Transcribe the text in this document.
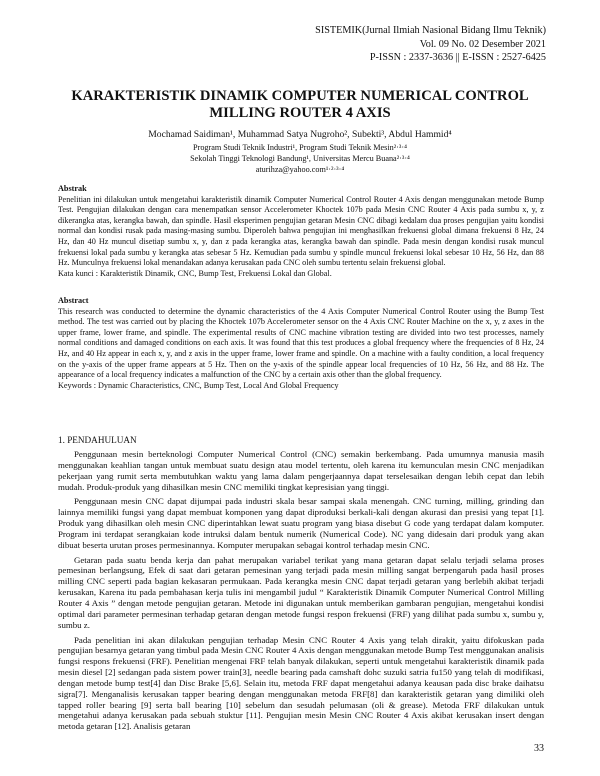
SISTEMIK(Jurnal Ilmiah Nasional Bidang Ilmu Teknik)
Vol. 09 No. 02 Desember 2021
P-ISSN : 2337-3636 || E-ISSN : 2527-6425
KARAKTERISTIK DINAMIK COMPUTER NUMERICAL CONTROL
MILLING ROUTER 4 AXIS
Mochamad Saidiman¹, Muhammad Satya Nugroho², Subekti³, Abdul Hammid⁴
Program Studi Teknik Industri¹, Program Studi Teknik Mesin²·³·⁴
Sekolah Tinggi Teknologi Bandung¹, Universitas Mercu Buana²·³·⁴
aturihza@yahoo.com¹·²·³·⁴
Abstrak
Penelitian ini dilakukan untuk mengetahui karakteristik dinamik Computer Numerical Control Router 4 Axis dengan menggunakan metode Bump Test. Pengujian dilakukan dengan cara menempatkan sensor Accelerometer Khoctek 107b pada Mesin CNC Router 4 Axis pada sumbu x, y, z dikerangka atas, kerangka bawah, dan spindle. Hasil eksperimen pengujian getaran Mesin CNC dibagi kedalam dua proses pengujian yaitu kondisi normal dan kondisi rusak pada masing-masing sumbu. Diperoleh bahwa pengujian ini menghasilkan frekuensi global dimana frekuensi 8 Hz, 24 Hz, dan 40 Hz muncul disetiap sumbu x, y, dan z pada kerangka atas, kerangka bawah dan spindle. Pada mesin dengan kondisi rusak muncul frekuensi lokal pada sumbu y kerangka atas sebesar 5 Hz. Kemudian pada sumbu y spindle muncul frekuensi lokal sebesar 10 Hz, 56 Hz, dan 88 Hz. Munculnya frekuensi lokal menandakan adanya kerusakan pada CNC oleh sumbu tertentu selain frekuensi global.
Kata kunci : Karakteristik Dinamik, CNC, Bump Test, Frekuensi Lokal dan Global.
Abstract
This research was conducted to determine the dynamic characteristics of the 4 Axis Computer Numerical Control Router using the Bump Test method. The test was carried out by placing the Khoctek 107b Accelerometer sensor on the 4 Axis CNC Router Machine on the x, y, z axes in the upper frame, lower frame, and spindle. The experimental results of CNC machine vibration testing are divided into two test processes, namely normal conditions and damaged conditions on each axis. It was found that this test produces a global frequency where the frequencies of 8 Hz, 24 Hz, and 40 Hz appear in each x, y, and z axis in the upper frame, lower frame and spindle. On a machine with a faulty condition, a local frequency on the y-axis of the upper frame appears at 5 Hz. Then on the y-axis of the spindle appear local frequencies of 10 Hz, 56 Hz, and 88 Hz. The appearance of a local frequency indicates a malfunction of the CNC by a certain axis other than the global frequency.
Keywords : Dynamic Characteristics, CNC, Bump Test, Local And Global Frequency
1. PENDAHULUAN

Penggunaan mesin berteknologi Computer Numerical Control (CNC) semakin berkembang. Pada umumnya manusia masih menggunakan keahlian tangan untuk membuat suatu design atau model tertentu, oleh karena itu kemunculan mesin CNC menjadikan pekerjaan yang rumit serta membutuhkan waktu yang lama dalam pengerjaannya dapat terselesaikan dengan lebih cepat dan lebih mudah. Produk-produk yang dihasilkan mesin CNC memiliki tingkat kepresisian yang tinggi.

Penggunaan mesin CNC dapat dijumpai pada industri skala besar sampai skala menengah. CNC turning, milling, grinding dan lainnya memiliki fungsi yang dapat membuat komponen yang dapat diproduksi berkali-kali dengan akurasi dan presisi yang tepat [1]. Produk yang dihasilkan oleh mesin CNC diperintahkan lewat suatu program yang biasa disebut G code yang terdapat dalam komputer. Program ini terdapat serangkaian kode intruksi dalam bentuk numerik (Numerical Code). NC yang didesain dari produk yang akan dibuat beserta urutan proses permesinannya. Komputer merupakan sebagai kontrol terhadap mesin CNC.

Getaran pada suatu benda kerja dan pahat merupakan variabel terikat yang mana getaran dapat selalu terjadi selama proses pemesinan berlangsung, Efek di saat dari getaran pemesinan yang terjadi pada mesin milling sangat berpengaruh pada hasil proses milling CNC seperti pada bagian kekasaran permukaan. Pada kerangka mesin CNC dapat terjadi getaran yang berlebih akibat terjadi kerusakan, Karena itu pada pembahasan kerja tulis ini mengambil judul “ Karakteristik Dinamik Computer Numerical Control Milling Router 4 Axis ” dengan metode pengujian getaran. Metode ini digunakan untuk memberikan gambaran pengujian, mengetahui kondisi optimal dari parameter permesinan terhadap getaran dengan metode fungsi respon frekuensi (FRF) yang dilihat pada sumbu x, sumbu y, sumbu z.

Pada penelitian ini akan dilakukan pengujian terhadap Mesin CNC Router 4 Axis yang telah dirakit, yaitu difokuskan pada pengujian besarnya getaran yang timbul pada Mesin CNC Router 4 Axis dengan menggunakan metode Bump Test menggunakan analisis fungsi respons frekuensi (FRF). Penelitian mengenai FRF telah banyak dilakukan, seperti untuk mengetahui karakteristik dinamik pada mesin diesel [2] sedangan pada sistem power train[3], needle bearing pada camshaft dohc suzuki satria fu150 yang telah di modifikasi, dengan metode bump test[4] dan Disc Brake [5,6]. Selain itu, metoda FRF dapat mengetahui adanya keausan pada disc brake daihatsu sigra[7]. Menganalisis kerusakan tapper bearing dengan menggunakan metoda FRF[8] dan karakteristik getaran yang dimiliki oleh tapped roller bearing [9] serta ball bearing [10] sebelum dan sesudah pelumasan (oli & grease). Metoda FRF dilakukan untuk mengetahui adanya kerusakan pada sebuah stuktur [11]. Pengujian mesin Mesin CNC Router 4 Axis akibat kerusakan insert dengan metoda getaran [12]. Analisis getaran

33
